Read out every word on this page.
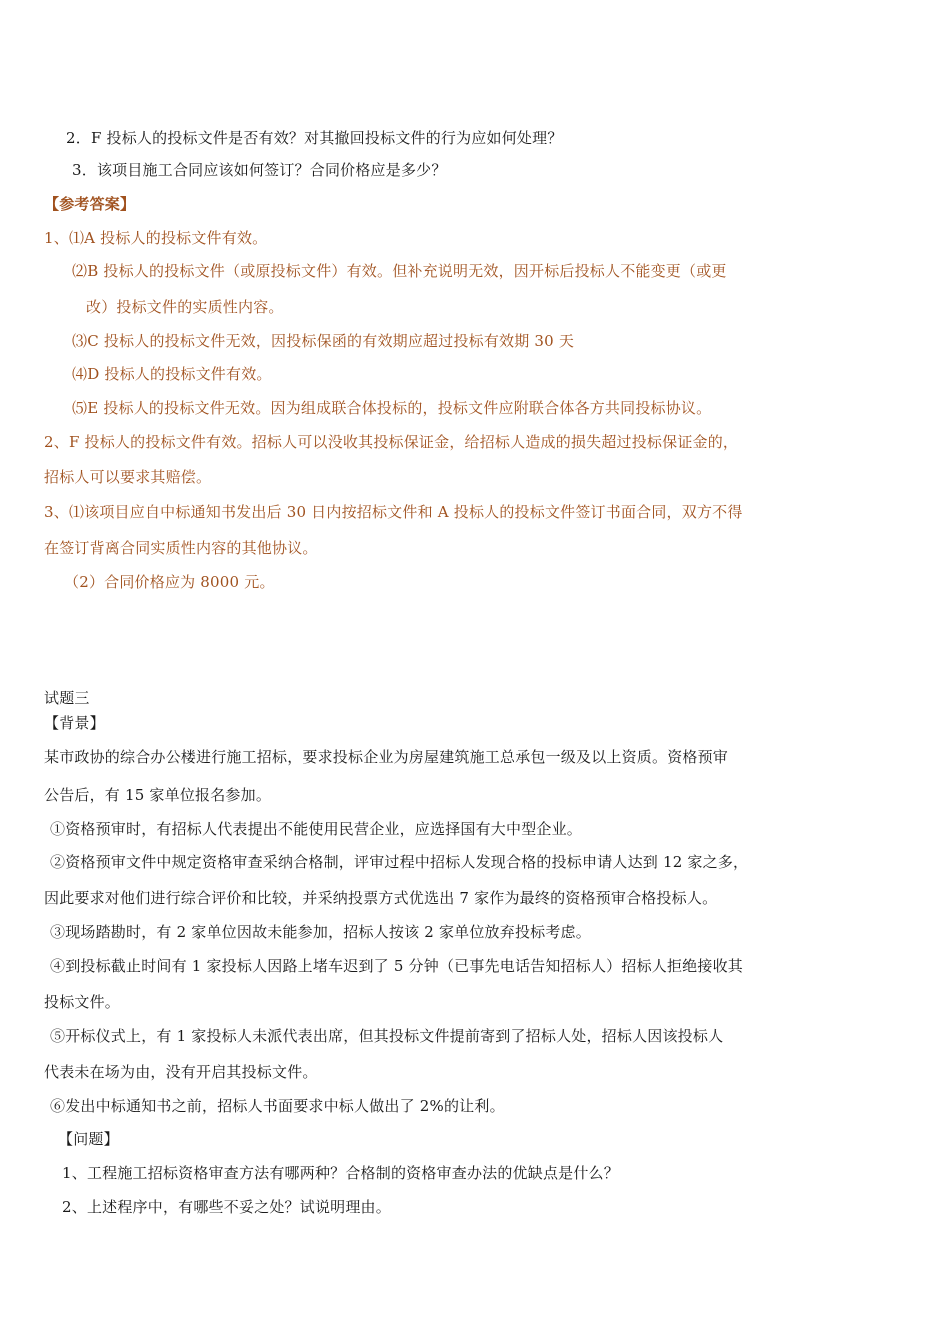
2．F 投标人的投标文件是否有效？对其撤回投标文件的行为应如何处理？
3．该项目施工合同应该如何签订？合同价格应是多少？
【参考答案】
1、⑴A 投标人的投标文件有效。
⑵B 投标人的投标文件（或原投标文件）有效。但补充说明无效，因开标后投标人不能变更（或更
改）投标文件的实质性内容。
⑶C 投标人的投标文件无效，因投标保函的有效期应超过投标有效期 30 天
⑷D 投标人的投标文件有效。
⑸E 投标人的投标文件无效。因为组成联合体投标的，投标文件应附联合体各方共同投标协议。
2、F 投标人的投标文件有效。招标人可以没收其投标保证金，给招标人造成的损失超过投标保证金的，
招标人可以要求其赔偿。
3、⑴该项目应自中标通知书发出后 30 日内按招标文件和 A 投标人的投标文件签订书面合同，双方不得
在签订背离合同实质性内容的其他协议。
（2）合同价格应为 8000 元。
试题三
【背景】
某市政协的综合办公楼进行施工招标，要求投标企业为房屋建筑施工总承包一级及以上资质。资格预审
公告后，有 15 家单位报名参加。
①资格预审时，有招标人代表提出不能使用民营企业，应选择国有大中型企业。
②资格预审文件中规定资格审查采纳合格制，评审过程中招标人发现合格的投标申请人达到 12 家之多，
因此要求对他们进行综合评价和比较，并采纳投票方式优选出 7 家作为最终的资格预审合格投标人。
③现场踏勘时，有 2 家单位因故未能参加，招标人按该 2 家单位放弃投标考虑。
④到投标截止时间有 1 家投标人因路上堵车迟到了 5 分钟（已事先电话告知招标人）招标人拒绝接收其
投标文件。
⑤开标仪式上，有 1 家投标人未派代表出席，但其投标文件提前寄到了招标人处，招标人因该投标人
代表未在场为由，没有开启其投标文件。
⑥发出中标通知书之前，招标人书面要求中标人做出了 2%的让利。
【问题】
1、工程施工招标资格审查方法有哪两种？合格制的资格审查办法的优缺点是什么？
2、上述程序中，有哪些不妥之处？试说明理由。
